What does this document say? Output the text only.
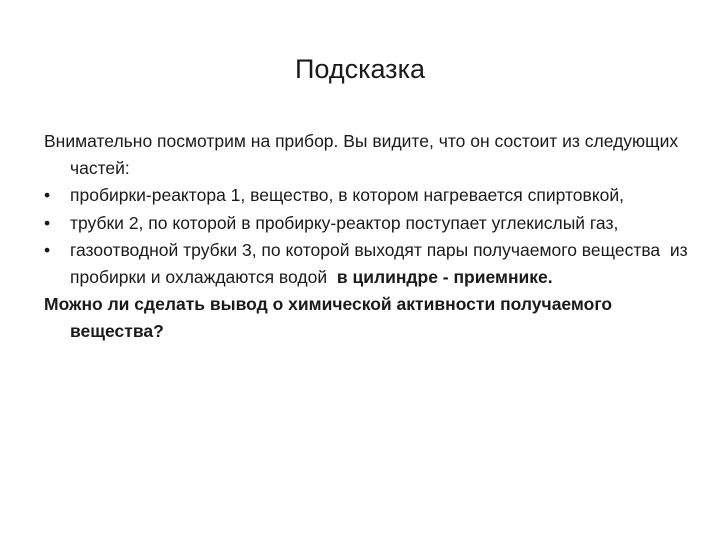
Подсказка

Внимательно посмотрим на прибор. Вы видите, что он состоит из следующих частей:

•	пробирки-реактора 1, вещество, в котором нагревается спиртовкой,

•	трубки 2, по которой в пробирку-реактор поступает углекислый газ,

•	газоотводной трубки 3, по которой выходят пары получаемого вещества  из пробирки и охлаждаются водой  в цилиндре - приемнике.

Можно ли сделать вывод о химической активности получаемого вещества?
